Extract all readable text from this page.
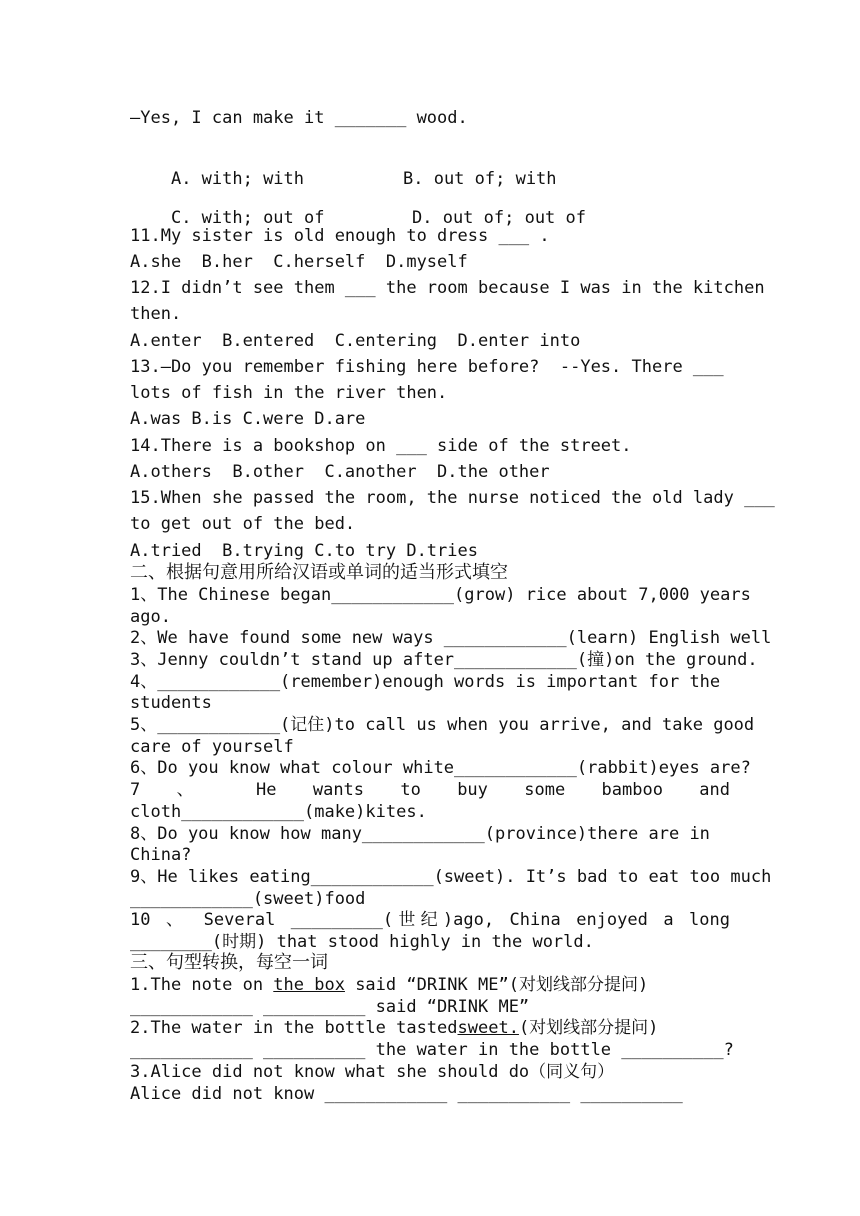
—Yes, I can make it _______ wood.

A. with; with	B. out of; with

C. with; out of	D. out of; out of

11.My sister is old enough to dress ___ .
A.she  B.her  C.herself  D.myself
12.I didn’t see them ___ the room because I was in the kitchen
then.
A.enter  B.entered  C.entering  D.enter into
13.—Do you remember fishing here before?  --Yes. There ___
lots of fish in the river then.
A.was B.is C.were D.are
14.There is a bookshop on ___ side of the street.
A.others  B.other  C.another  D.the other
15.When she passed the room, the nurse noticed the old lady ___
to get out of the bed.
A.tried  B.trying C.to try D.tries
二、根据句意用所给汉语或单词的适当形式填空
1、The Chinese began____________(grow) rice about 7,000 years
ago.
2、We have found some new ways ____________(learn) English well
3、Jenny couldn’t stand up after____________(撞)on the ground.
4、____________(remember)enough words is important for the
students
5、____________(记住)to call us when you arrive, and take good
care of yourself
6、Do you know what colour white____________(rabbit)eyes are?
7 、 He wants to buy some bamboo and
cloth____________(make)kites.
8、Do you know how many____________(province)there are in
China?
9、He likes eating____________(sweet). It’s bad to eat too much
____________(sweet)food
10 、 Several _________(世纪)ago, China enjoyed a long
________(时期) that stood highly in the world.
三、句型转换，每空一词
1.The note on the box said “DRINK ME”(对划线部分提问)
____________ __________ said “DRINK ME”
2.The water in the bottle tastedsweet.(对划线部分提问)
____________ __________ the water in the bottle __________?
3.Alice did not know what she should do（同义句）
Alice did not know ____________ ___________ __________
